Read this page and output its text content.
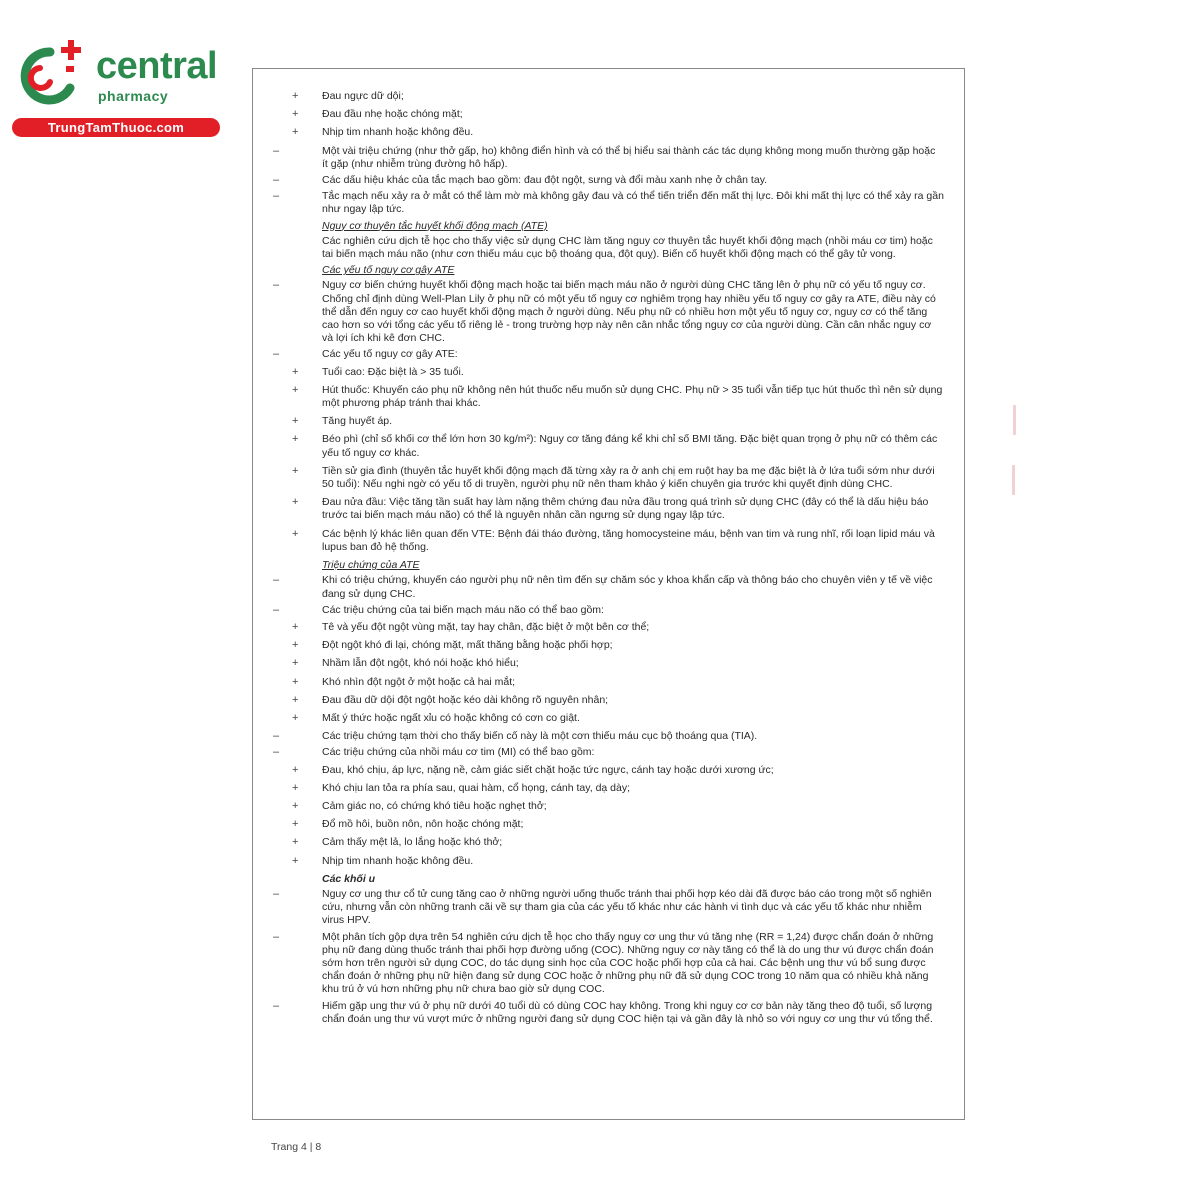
central
pharmacy
TrungTamThuoc.com
+ Đau ngực dữ dội;
+ Đau đầu nhẹ hoặc chóng mặt;
+ Nhịp tim nhanh hoặc không đều.
–	Một vài triệu chứng (như thở gấp, ho) không điển hình và có thể bị hiểu sai thành các tác dụng không mong muốn thường gặp hoặc ít gặp (như nhiễm trùng đường hô hấp).
–	Các dấu hiệu khác của tắc mạch bao gồm: đau đột ngột, sưng và đổi màu xanh nhẹ ở chân tay.
–	Tắc mạch nếu xảy ra ở mắt có thể làm mờ mà không gây đau và có thể tiến triển đến mất thị lực. Đôi khi mất thị lực có thể xảy ra gần như ngay lập tức.
Nguy cơ thuyên tắc huyết khối động mạch (ATE)
Các nghiên cứu dịch tễ học cho thấy việc sử dụng CHC làm tăng nguy cơ thuyên tắc huyết khối động mạch (nhồi máu cơ tim) hoặc tai biến mạch máu não (như cơn thiếu máu cục bộ thoáng qua, đột quỵ). Biến cố huyết khối động mạch có thể gây tử vong.
Các yếu tố nguy cơ gây ATE
–	Nguy cơ biến chứng huyết khối động mạch hoặc tai biến mạch máu não ở người dùng CHC tăng lên ở phụ nữ có yếu tố nguy cơ. Chống chỉ định dùng Well-Plan Lily ở phụ nữ có một yếu tố nguy cơ nghiêm trọng hay nhiều yếu tố nguy cơ gây ra ATE, điều này có thể dẫn đến nguy cơ cao huyết khối động mạch ở người dùng. Nếu phụ nữ có nhiều hơn một yếu tố nguy cơ, nguy cơ có thể tăng cao hơn so với tổng các yếu tố riêng lẻ - trong trường hợp này nên cân nhắc tổng nguy cơ của người dùng. Cần cân nhắc nguy cơ và lợi ích khi kê đơn CHC.
–	Các yếu tố nguy cơ gây ATE:
+ Tuổi cao: Đặc biệt là > 35 tuổi.
+ Hút thuốc: Khuyến cáo phụ nữ không nên hút thuốc nếu muốn sử dụng CHC. Phụ nữ > 35 tuổi vẫn tiếp tục hút thuốc thì nên sử dụng một phương pháp tránh thai khác.
+ Tăng huyết áp.
+ Béo phì (chỉ số khối cơ thể lớn hơn 30 kg/m²): Nguy cơ tăng đáng kể khi chỉ số BMI tăng. Đặc biệt quan trọng ở phụ nữ có thêm các yếu tố nguy cơ khác.
+ Tiền sử gia đình (thuyên tắc huyết khối động mạch đã từng xảy ra ở anh chị em ruột hay ba mẹ đặc biệt là ở lứa tuổi sớm như dưới 50 tuổi): Nếu nghi ngờ có yếu tố di truyền, người phụ nữ nên tham khảo ý kiến chuyên gia trước khi quyết định dùng CHC.
+ Đau nửa đầu: Việc tăng tần suất hay làm nặng thêm chứng đau nửa đầu trong quá trình sử dụng CHC (đây có thể là dấu hiệu báo trước tai biến mạch máu não) có thể là nguyên nhân cần ngưng sử dụng ngay lập tức.
+ Các bệnh lý khác liên quan đến VTE: Bệnh đái tháo đường, tăng homocysteine máu, bệnh van tim và rung nhĩ, rối loạn lipid máu và lupus ban đỏ hệ thống.
Triệu chứng của ATE
–	Khi có triệu chứng, khuyến cáo người phụ nữ nên tìm đến sự chăm sóc y khoa khẩn cấp và thông báo cho chuyên viên y tế về việc đang sử dụng CHC.
–	Các triệu chứng của tai biến mạch máu não có thể bao gồm:
+ Tê và yếu đột ngột vùng mặt, tay hay chân, đặc biệt ở một bên cơ thể;
+ Đột ngột khó đi lại, chóng mặt, mất thăng bằng hoặc phối hợp;
+ Nhầm lẫn đột ngột, khó nói hoặc khó hiểu;
+ Khó nhìn đột ngột ở một hoặc cả hai mắt;
+ Đau đầu dữ dội đột ngột hoặc kéo dài không rõ nguyên nhân;
+ Mất ý thức hoặc ngất xỉu có hoặc không có cơn co giật.
–	Các triệu chứng tạm thời cho thấy biến cố này là một cơn thiếu máu cục bộ thoáng qua (TIA).
–	Các triệu chứng của nhồi máu cơ tim (MI) có thể bao gồm:
+ Đau, khó chịu, áp lực, nặng nề, cảm giác siết chặt hoặc tức ngực, cánh tay hoặc dưới xương ức;
+ Khó chịu lan tỏa ra phía sau, quai hàm, cổ họng, cánh tay, dạ dày;
+ Cảm giác no, có chứng khó tiêu hoặc nghẹt thở;
+ Đổ mồ hôi, buồn nôn, nôn hoặc chóng mặt;
+ Cảm thấy mệt lả, lo lắng hoặc khó thở;
+ Nhịp tim nhanh hoặc không đều.
Các khối u
–	Nguy cơ ung thư cổ tử cung tăng cao ở những người uống thuốc tránh thai phối hợp kéo dài đã được báo cáo trong một số nghiên cứu, nhưng vẫn còn những tranh cãi về sự tham gia của các yếu tố khác như các hành vi tình dục và các yếu tố khác như nhiễm virus HPV.
–	Một phân tích gộp dựa trên 54 nghiên cứu dịch tễ học cho thấy nguy cơ ung thư vú tăng nhẹ (RR = 1,24) được chẩn đoán ở những phụ nữ đang dùng thuốc tránh thai phối hợp đường uống (COC). Những nguy cơ này tăng có thể là do ung thư vú được chẩn đoán sớm hơn trên người sử dụng COC, do tác dụng sinh học của COC hoặc phối hợp của cả hai. Các bệnh ung thư vú bổ sung được chẩn đoán ở những phụ nữ hiện đang sử dụng COC hoặc ở những phụ nữ đã sử dụng COC trong 10 năm qua có nhiều khả năng khu trú ở vú hơn những phụ nữ chưa bao giờ sử dụng COC.
–	Hiếm gặp ung thư vú ở phụ nữ dưới 40 tuổi dù có dùng COC hay không. Trong khi nguy cơ cơ bản này tăng theo độ tuổi, số lượng chẩn đoán ung thư vú vượt mức ở những người đang sử dụng COC hiện tại và gần đây là nhỏ so với nguy cơ ung thư vú tổng thể.
Trang 4 | 8
